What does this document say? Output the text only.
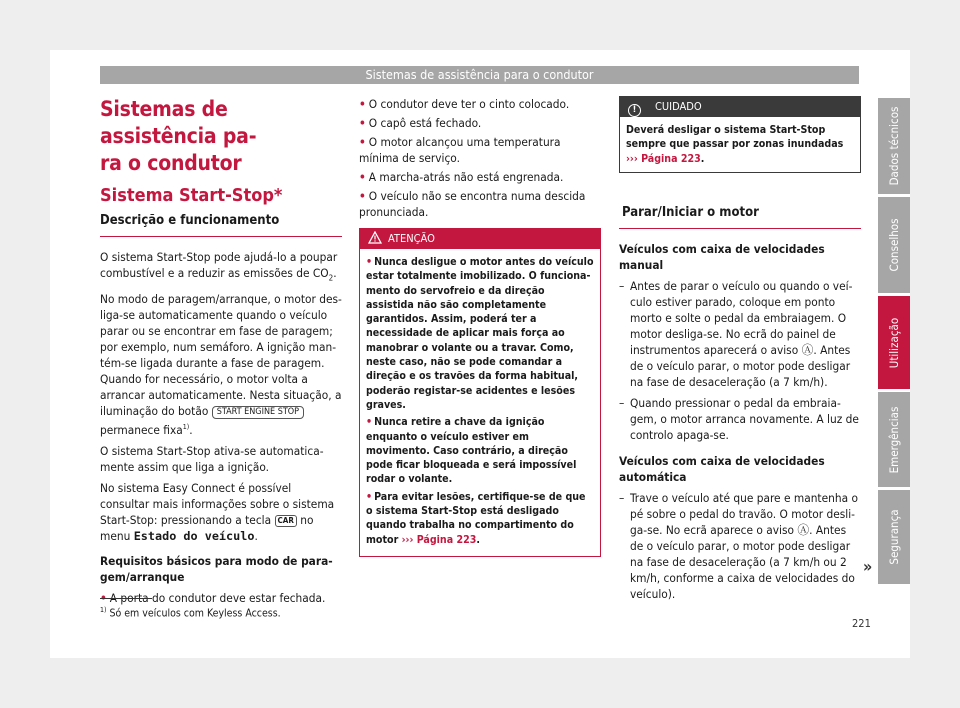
Sistemas de assistência para o condutor
Sistemas de assistência pa-
ra o condutor
Sistema Start-Stop*
Descrição e funcionamento

O sistema Start-Stop pode ajudá-lo a poupar combustível e a reduzir as emissões de $CO_2$.

No modo de paragem/arranque, o motor desliga-se automaticamente quando o veículo parar ou se encontrar em fase de paragem; por exemplo, num semáforo. A ignição mantém-se ligada durante a fase de paragem. Quando for necessário, o motor volta a arrancar automaticamente. Nesta situação, a iluminação do botão START ENGINE STOP permanece fixa$^{1)}$.

O sistema Start-Stop ativa-se automaticamente assim que liga a ignição.

No sistema Easy Connect é possível consultar mais informações sobre o sistema Start-Stop: pressionando a tecla CAR no menu Estado do veículo.

Requisitos básicos para modo de paragem/arranque

• A porta do condutor deve estar fechada.
• O condutor deve ter o cinto colocado.
• O capô está fechado.
• O motor alcançou uma temperatura mínima de serviço.
• A marcha-atrás não está engrenada.
• O veículo não se encontra numa descida pronunciada.
ATENÇÃO
• Nunca desligue o motor antes do veículo estar totalmente imobilizado. O funcionamento do servofreio e da direção assistida não são completamente garantidos. Assim, poderá ter a necessidade de aplicar mais força ao manobrar o volante ou a travar. Como, neste caso, não se pode comandar a direção e os travões da forma habitual, poderão registar-se acidentes e lesões graves.
• Nunca retire a chave da ignição enquanto o veículo estiver em movimento. Caso contrário, a direção pode ficar bloqueada e será impossível rodar o volante.
• Para evitar lesões, certifique-se de que o sistema Start-Stop está desligado quando trabalha no compartimento do motor ››› Página 223.
! CUIDADO
Deverá desligar o sistema Start-Stop sempre que passar por zonas inundadas ››› Página 223.
Parar/Iniciar o motor

Veículos com caixa de velocidades manual

– Antes de parar o veículo ou quando o veículo estiver parado, coloque em ponto morto e solte o pedal da embraiagem. O motor desliga-se. No ecrã do painel de instrumentos aparecerá o aviso Ⓐ. Antes de o veículo parar, o motor pode desligar na fase de desaceleração (a 7 km/h).
– Quando pressionar o pedal da embraiagem, o motor arranca novamente. A luz de controlo apaga-se.

Veículos com caixa de velocidades automática

– Trave o veículo até que pare e mantenha o pé sobre o pedal do travão. O motor desliga-se. No ecrã aparece o aviso Ⓐ. Antes de o veículo parar, o motor pode desligar na fase de desaceleração (a 7 km/h ou 2 km/h, conforme a caixa de velocidades do veículo).
»
Dados técnicos
Conselhos
Utilização
Emergências
Segurança
$^{1)}$ Só em veículos com Keyless Access.
221
